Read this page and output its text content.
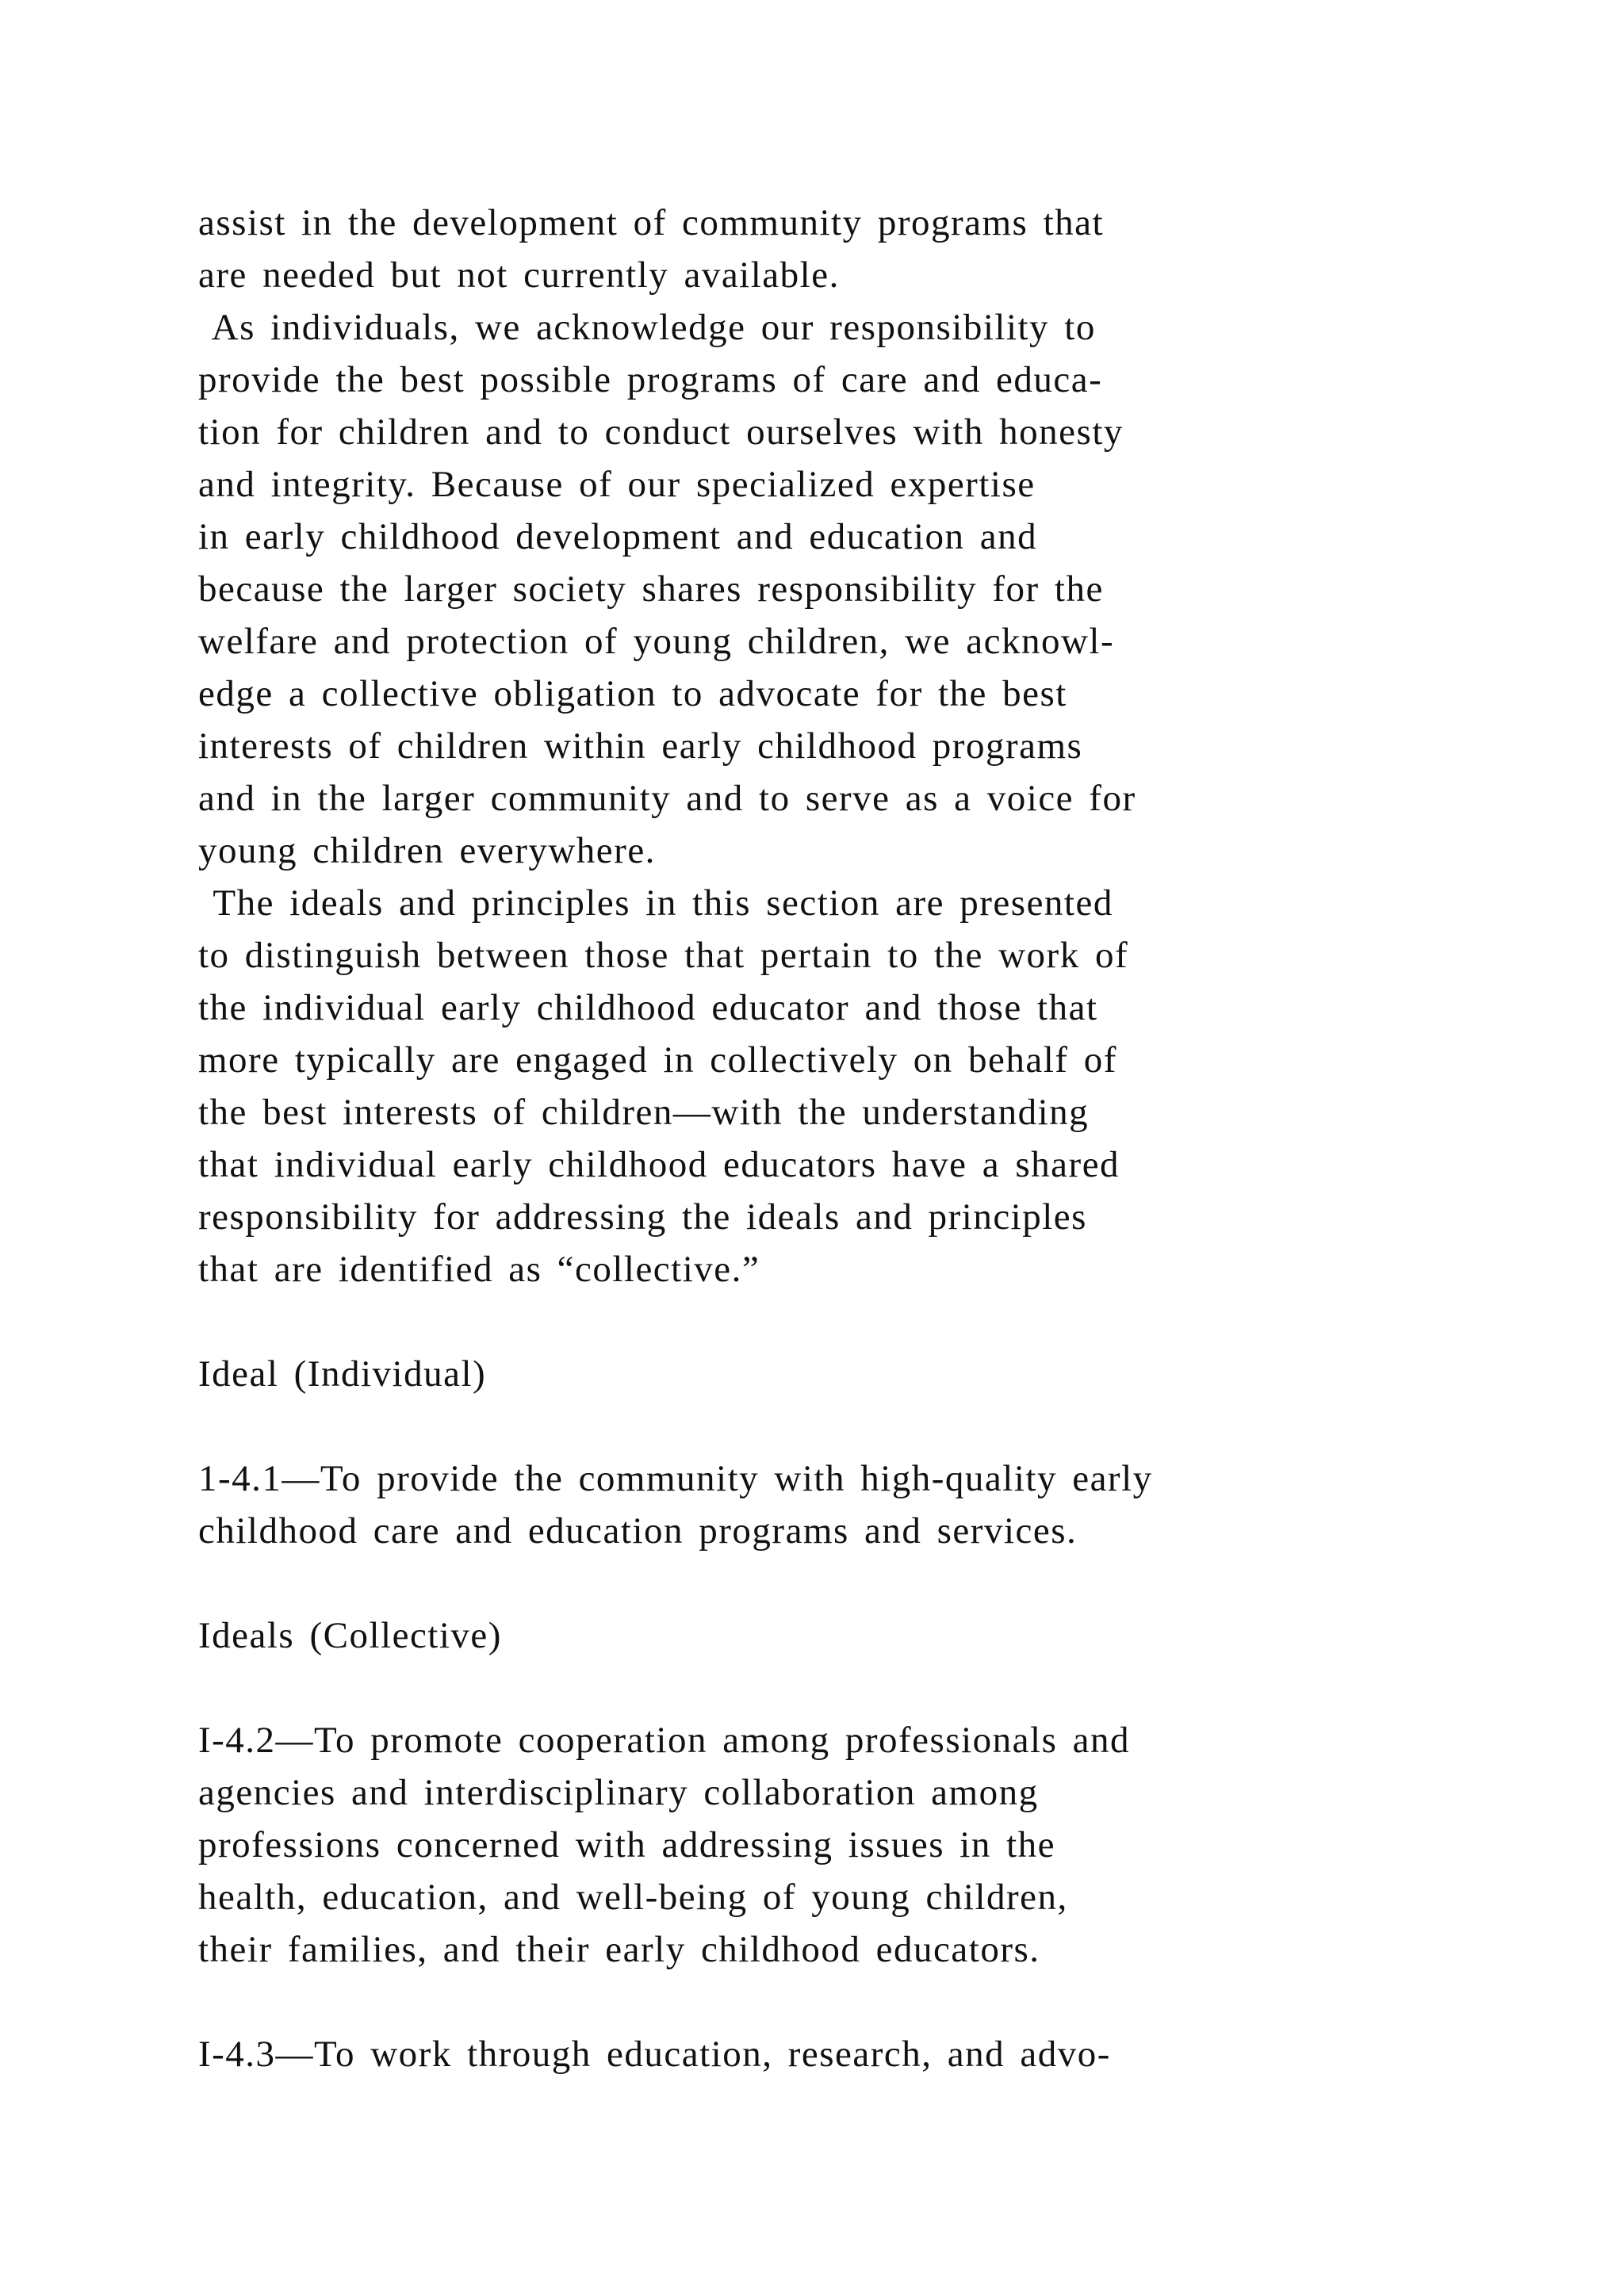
assist in the development of community programs that
are needed but not currently available.
As individuals, we acknowledge our responsibility to
provide the best possible programs of care and educa-
tion for children and to conduct ourselves with honesty
and integrity. Because of our specialized expertise
in early childhood development and education and
because the larger society shares responsibility for the
welfare and protection of young children, we acknowl-
edge a collective obligation to advocate for the best
interests of children within early childhood programs
and in the larger community and to serve as a voice for
young children everywhere.
The ideals and principles in this section are presented
to distinguish between those that pertain to the work of
the individual early childhood educator and those that
more typically are engaged in collectively on behalf of
the best interests of children—with the understanding
that individual early childhood educators have a shared
responsibility for addressing the ideals and principles
that are identified as “collective.”
Ideal (Individual)
1-4.1—To provide the community with high-quality early
childhood care and education programs and services.
Ideals (Collective)
I-4.2—To promote cooperation among professionals and
agencies and interdisciplinary collaboration among
professions concerned with addressing issues in the
health, education, and well-being of young children,
their families, and their early childhood educators.
I-4.3—To work through education, research, and advo-
